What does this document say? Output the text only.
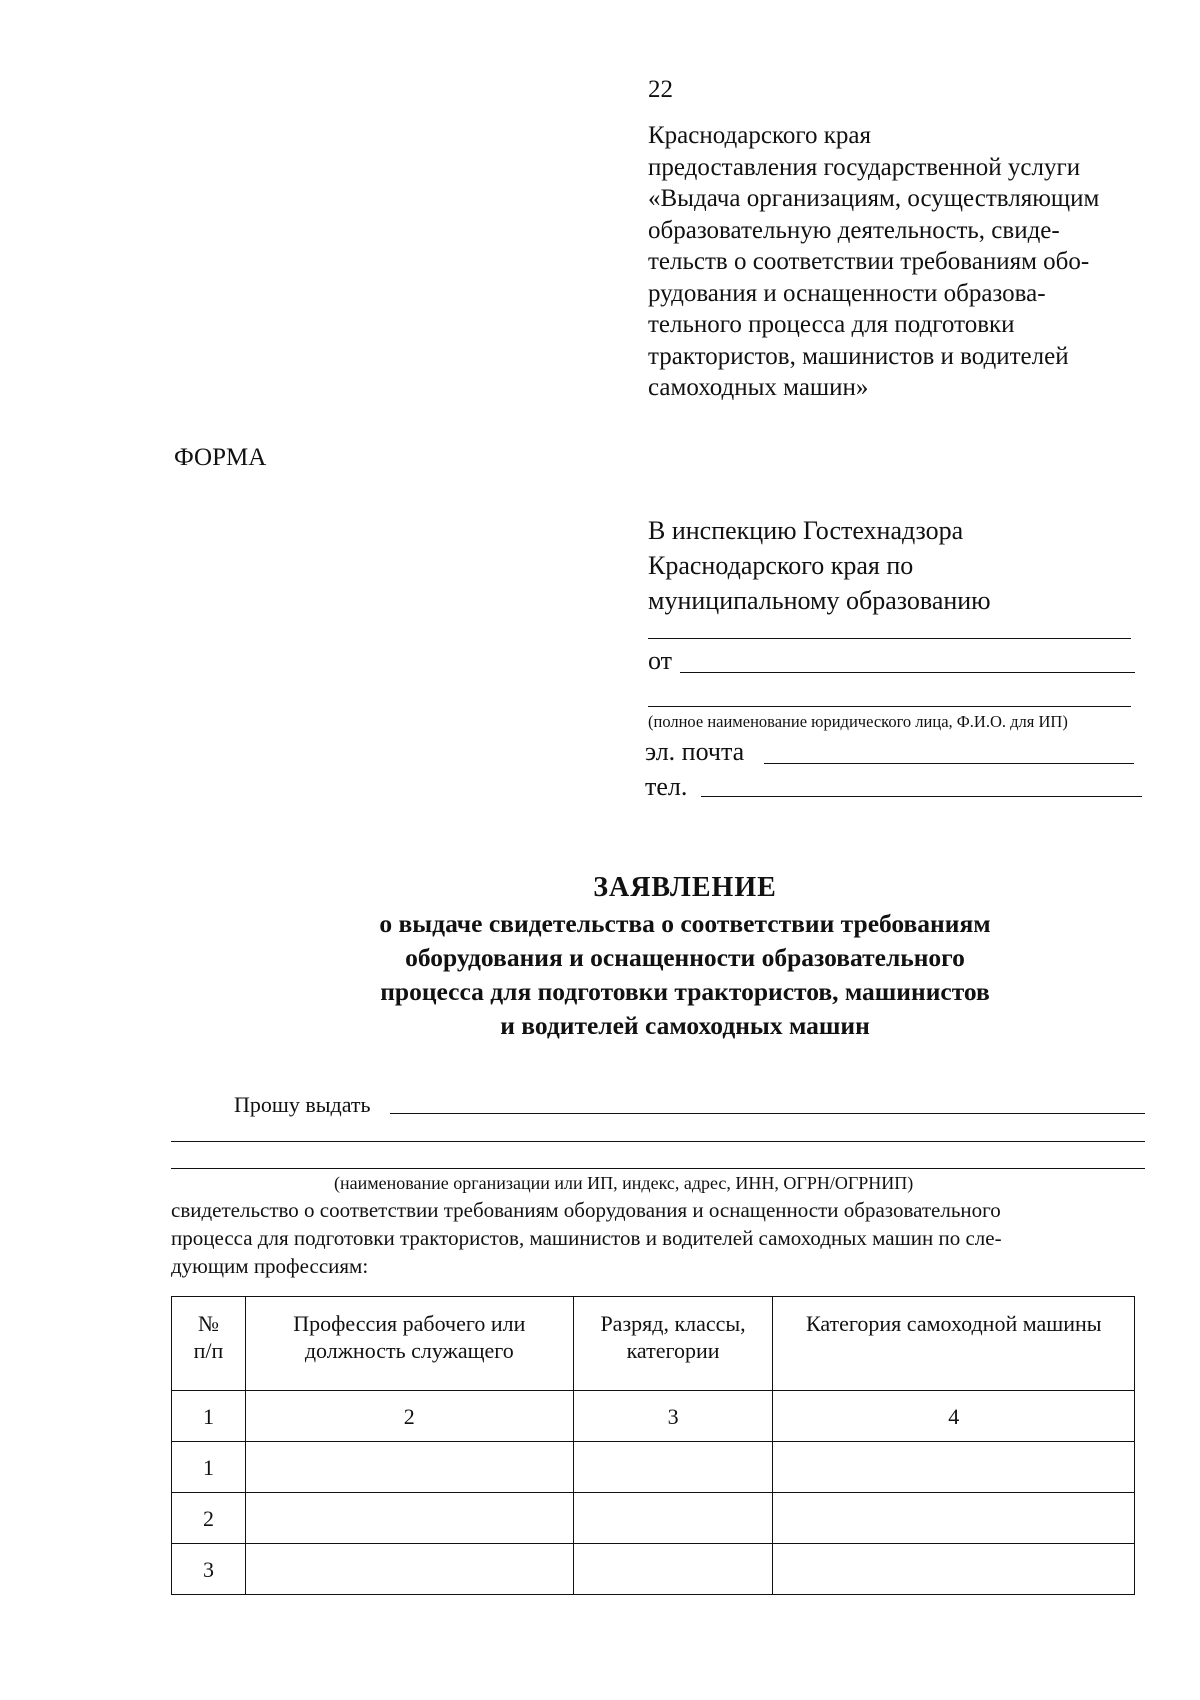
22
Краснодарского края
предоставления государственной услуги
«Выдача организациям, осуществляющим
образовательную деятельность, свиде-
тельств о соответствии требованиям обо-
рудования и оснащенности образова-
тельного процесса для подготовки
трактористов, машинистов и водителей
самоходных машин»
ФОРМА
В инспекцию Гостехнадзора
Краснодарского края по
муниципальному образованию
от
(полное наименование юридического лица, Ф.И.О. для ИП)
эл. почта
тел.
ЗАЯВЛЕНИЕ
о выдаче свидетельства о соответствии требованиям
оборудования и оснащенности образовательного
процесса для подготовки трактористов, машинистов
и водителей самоходных машин
Прошу выдать
(наименование организации или ИП, индекс, адрес, ИНН, ОГРН/ОГРНИП)
свидетельство о соответствии требованиям оборудования и оснащенности образовательного
процесса для подготовки трактористов, машинистов и водителей самоходных машин по сле-
дующим профессиям:
№ п/п	Профессия рабочего или должность служащего	Разряд, классы, категории	Категория самоходной машины
1	2	3	4
1			
2			
3			
